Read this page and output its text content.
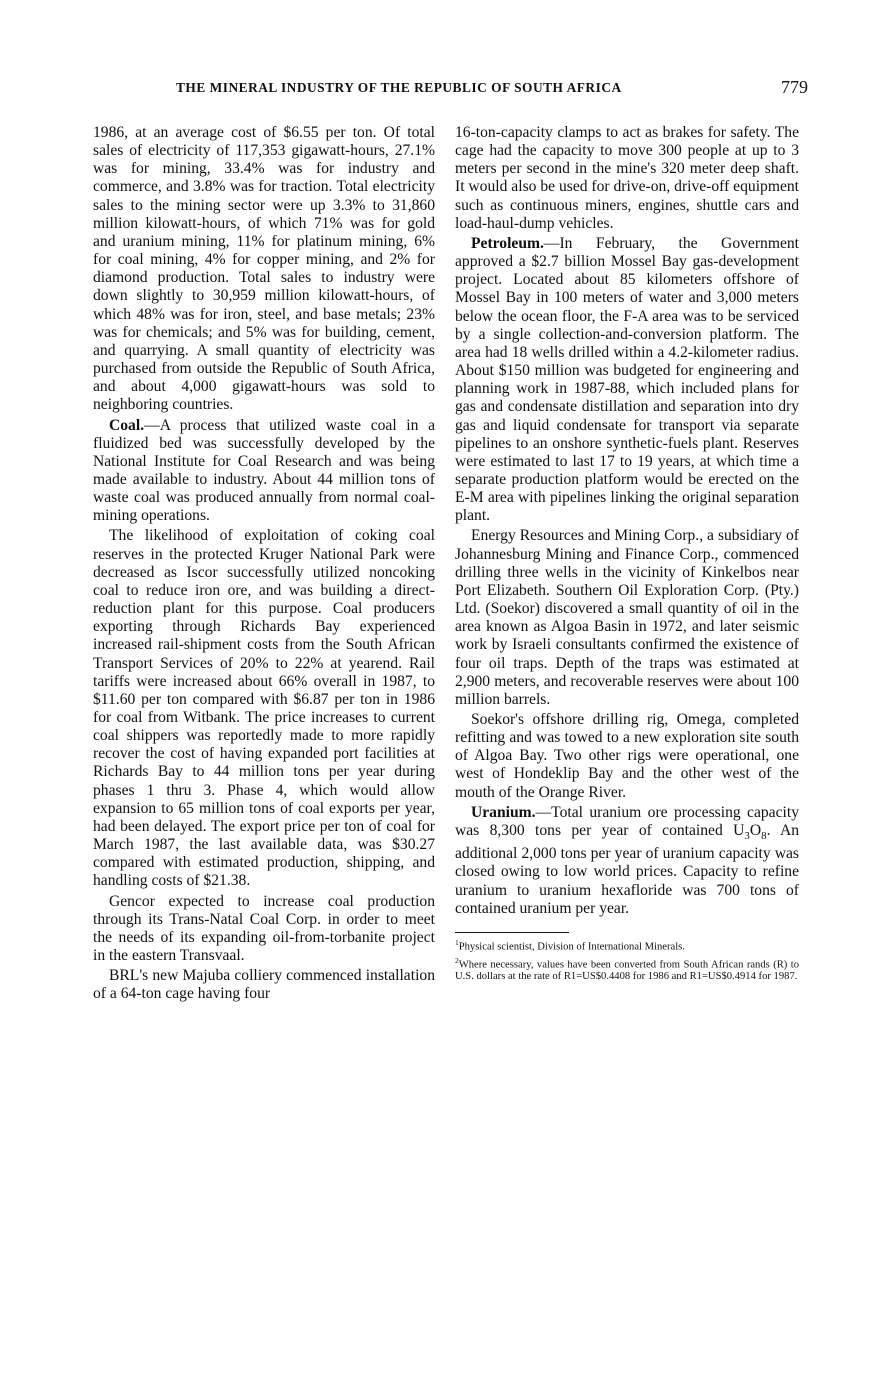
THE MINERAL INDUSTRY OF THE REPUBLIC OF SOUTH AFRICA	779

1986, at an average cost of $6.55 per ton. Of total sales of electricity of 117,353 gigawatt-hours, 27.1% was for mining, 33.4% was for industry and commerce, and 3.8% was for traction. Total electricity sales to the mining sector were up 3.3% to 31,860 million kilowatt-hours, of which 71% was for gold and uranium mining, 11% for platinum mining, 6% for coal mining, 4% for copper mining, and 2% for diamond production. Total sales to industry were down slightly to 30,959 million kilowatt-hours, of which 48% was for iron, steel, and base metals; 23% was for chemicals; and 5% was for building, cement, and quarrying. A small quantity of electricity was purchased from outside the Republic of South Africa, and about 4,000 gigawatt-hours was sold to neighboring countries.

Coal.—A process that utilized waste coal in a fluidized bed was successfully developed by the National Institute for Coal Research and was being made available to industry. About 44 million tons of waste coal was produced annually from normal coal-mining operations.

The likelihood of exploitation of coking coal reserves in the protected Kruger National Park were decreased as Iscor successfully utilized noncoking coal to reduce iron ore, and was building a direct-reduction plant for this purpose. Coal producers exporting through Richards Bay experienced increased rail-shipment costs from the South African Transport Services of 20% to 22% at yearend. Rail tariffs were increased about 66% overall in 1987, to $11.60 per ton compared with $6.87 per ton in 1986 for coal from Witbank. The price increases to current coal shippers was reportedly made to more rapidly recover the cost of having expanded port facilities at Richards Bay to 44 million tons per year during phases 1 thru 3. Phase 4, which would allow expansion to 65 million tons of coal exports per year, had been delayed. The export price per ton of coal for March 1987, the last available data, was $30.27 compared with estimated production, shipping, and handling costs of $21.38.

Gencor expected to increase coal production through its Trans-Natal Coal Corp. in order to meet the needs of its expanding oil-from-torbanite project in the eastern Transvaal.

BRL's new Majuba colliery commenced installation of a 64-ton cage having four

16-ton-capacity clamps to act as brakes for safety. The cage had the capacity to move 300 people at up to 3 meters per second in the mine's 320 meter deep shaft. It would also be used for drive-on, drive-off equipment such as continuous miners, engines, shuttle cars and load-haul-dump vehicles.

Petroleum.—In February, the Government approved a $2.7 billion Mossel Bay gas-development project. Located about 85 kilometers offshore of Mossel Bay in 100 meters of water and 3,000 meters below the ocean floor, the F-A area was to be serviced by a single collection-and-conversion platform. The area had 18 wells drilled within a 4.2-kilometer radius. About $150 million was budgeted for engineering and planning work in 1987-88, which included plans for gas and condensate distillation and separation into dry gas and liquid condensate for transport via separate pipelines to an onshore synthetic-fuels plant. Reserves were estimated to last 17 to 19 years, at which time a separate production platform would be erected on the E-M area with pipelines linking the original separation plant.

Energy Resources and Mining Corp., a subsidiary of Johannesburg Mining and Finance Corp., commenced drilling three wells in the vicinity of Kinkelbos near Port Elizabeth. Southern Oil Exploration Corp. (Pty.) Ltd. (Soekor) discovered a small quantity of oil in the area known as Algoa Basin in 1972, and later seismic work by Israeli consultants confirmed the existence of four oil traps. Depth of the traps was estimated at 2,900 meters, and recoverable reserves were about 100 million barrels.

Soekor's offshore drilling rig, Omega, completed refitting and was towed to a new exploration site south of Algoa Bay. Two other rigs were operational, one west of Hondeklip Bay and the other west of the mouth of the Orange River.

Uranium.—Total uranium ore processing capacity was 8,300 tons per year of contained $U_3O_8$. An additional 2,000 tons per year of uranium capacity was closed owing to low world prices. Capacity to refine uranium to uranium hexafloride was 700 tons of contained uranium per year.

$^1$Physical scientist, Division of International Minerals.

$^2$Where necessary, values have been converted from South African rands (R) to U.S. dollars at the rate of R1=US$0.4408 for 1986 and R1=US$0.4914 for 1987.
